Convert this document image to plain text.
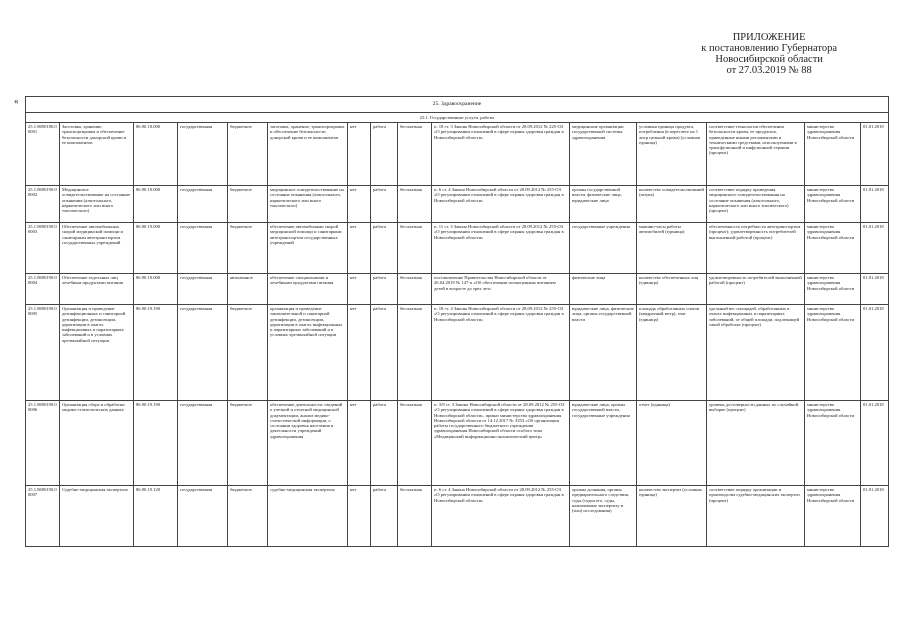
ПРИЛОЖЕНИЕ
к постановлению Губернатора
Новосибирской области
от 27.03.2019 № 88
«	25. Здравоохранение														
25.1. Государственные услуги, работы														
25.1.8690180.00001	Заготовка, хранение, транспортировка и обеспечение безопасности донорской крови и ее компонентов	86.90.18.000	государственная	бюджетное	заготовка, хранение, транспортировка и обеспечение безопасности донорской крови и ее компонентов	нет	работа	бесплатная	п. 18 ст. 3 Закона Новосибирской области от 28.09.2012 № 225-ОЗ «О регулировании отношений в сфере охраны здоровья граждан в Новосибирской области»	медицинские организации государственной системы здравоохранения	условная единица продукта, потребления (в пересчете на 1 литр цельной крови) (условная единица)	соответствие технологии обеспечения безопасности крови, ее продуктов, приведенные иными регламентами и техническими средствами, используемыми в трансфузионной и инфузионной терапии (процент)	министерство здравоохранения Новосибирской области	01.01.2018
25.1.8690190.00002	Медицинское освидетельствование на состояние опьянения (алкогольного, наркотического или иного токсического)	86.90.19.000	государственная	бюджетное	медицинское освидетельствование на состояние опьянения (алкогольного, наркотического или иного токсического)	нет	работа	бесплатная	п. 6 ст. 4 Закона Новосибирской области от 28.09.2012 № 255-ОЗ «О регулировании отношений в сфере охраны здоровья граждан в Новосибирской области»	органы государственной власти, физические лица, юридические лица	количество освидетельствований (штука)	соответствие порядку проведения медицинского освидетельствования на состояние опьянения (алкогольного, наркотического или иного токсического) (процент)	министерство здравоохранения Новосибирской области	01.01.2018
25.1.8690190.00003	Обеспечение автомобильных скорой медицинской помощи и санитарным автотранспортом государственных учреждений	86.90.19.000	государственная	бюджетное	обеспечение автомобилями скорой медицинской помощи и санитарным автотранспортом государственных учреждений	нет	работа	бесплатная	п. 11 ст. 3 Закона Новосибирской области от 28.09.2012 № 255-ОЗ «О регулировании отношений в сфере охраны здоровья граждан в Новосибирской области»	государственные учреждения	машино-часы работы автомобилей (единица)	обеспеченность потребности автотранспортом (процент); удовлетворенность потребителей выполненной работой (процент)	министерство здравоохранения Новосибирской области	01.01.2018
25.1.8690190.00004	Обеспечение отдельных лиц лечебным продуктами питания	86.90.19.000	государственная	автономное	обеспечение специальными и лечебными продуктами питания	нет	работа	бесплатная	постановление Правительства Новосибирской области от 26.04.2019 № 147-п «Об обеспечении полноценным питанием детей в возрасте до трех лет»	физические лица	количество обеспеченных лиц (единица)	удовлетворенность потребителей выполненной работой (процент)	министерство здравоохранения Новосибирской области	01.01.2018
25.1.8690190.00005	Организация и проведение дезинфекционных и санитарной дезинфекции, дезинсекции, дератизации в очагах инфекционных и паразитарных заболеваний и в условиях чрезвычайной ситуации	86.90.19.190	государственная	бюджетное	организация и проведение заключительной и санитарной дезинфекции, дезинсекции, дератизации в очагах инфекционных и паразитарных заболеваний и в условиях чрезвычайной ситуации	нет	работа	бесплатная	п. 18 ст. 4 Закона Новосибирской области от 28.09.2012 № 255-ОЗ «О регулировании отношений в сфере охраны здоровья граждан в Новосибирской области»	юридические лица, физические лица, органы государственной власти	площадь обработанных очагов (квадратный метр), очаг (единица)	удельный вес площадей, обработанных в очагах инфекционных и паразитарных заболеваний, от общей площади, подлежащей такой обработке (процент)	министерство здравоохранения Новосибирской области	01.01.2018
25.1.8690190.00006	Организация сбора и обработки медико-статистических данных	86.90.19.190	государственная	бюджетное	обеспечение деятельности: сведений о учетной и отчетной медицинской документации, анализ медико-статистической информации, о состоянии здоровья населения и деятельности учреждений здравоохранения	нет	работа	бесплатная	п. 3/8 ст. 3 Закона Новосибирской области от 28.09.2012 № 255-ОЗ «О регулировании отношений в сфере охраны здоровья граждан в Новосибирской области», приказ министерства здравоохранения Новосибирской области от 14.12.2017 № 3353 «Об организации работы государственного бюджетного учреждения здравоохранения Новосибирской области особого типа «Медицинский информационно-аналитический центр»	юридические лица, органы государственной власти, государственные учреждения	отчет (единица)	уровень достоверности данных по случайной выборке (процент)	министерство здравоохранения Новосибирской области	01.01.2018
25.1.8690190.00007	Судебно-медицинская экспертиза	86.90.19.120	государственная	бюджетное	судебно-медицинская экспертиза	нет	работа	бесплатная	п. 6 ст. 4 Закона Новосибирской области от 28.09.2012 № 255-ОЗ «О регулировании отношений в сфере охраны здоровья граждан в Новосибирской области»	органы дознания, органы предварительного следствия, суды (судьи его, суды, назначенные экспертизу и (или) исследования)	количество экспертиз (условная единица)	соответствие порядку организации и производства судебно-медицинских экспертиз (процент)	министерство здравоохранения Новосибирской области	01.01.2018
